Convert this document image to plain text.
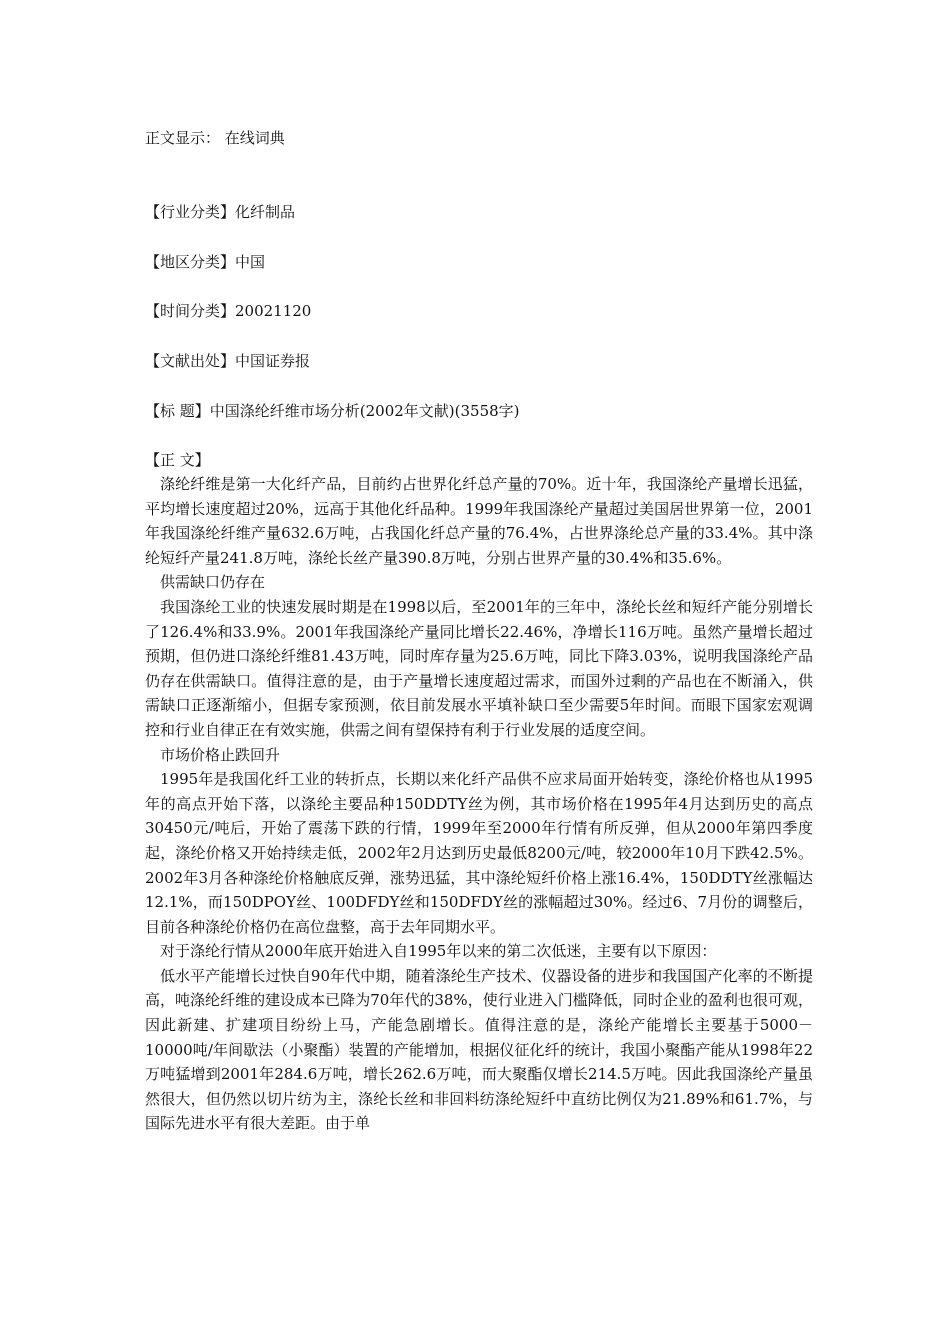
正文显示： 在线词典
【行业分类】化纤制品
【地区分类】中国
【时间分类】20021120
【文献出处】中国证券报
【标 题】中国涤纶纤维市场分析(2002年文献)(3558字)
【正 文】

涤纶纤维是第一大化纤产品，目前约占世界化纤总产量的70%。近十年，我国涤纶产量增长迅猛，平均增长速度超过20%，远高于其他化纤品种。1999年我国涤纶产量超过美国居世界第一位，2001年我国涤纶纤维产量632.6万吨，占我国化纤总产量的76.4%，占世界涤纶总产量的33.4%。其中涤纶短纤产量241.8万吨，涤纶长丝产量390.8万吨，分别占世界产量的30.4%和35.6%。

供需缺口仍存在

我国涤纶工业的快速发展时期是在1998以后，至2001年的三年中，涤纶长丝和短纤产能分别增长了126.4%和33.9%。2001年我国涤纶产量同比增长22.46%，净增长116万吨。虽然产量增长超过预期，但仍进口涤纶纤维81.43万吨，同时库存量为25.6万吨，同比下降3.03%，说明我国涤纶产品仍存在供需缺口。值得注意的是，由于产量增长速度超过需求，而国外过剩的产品也在不断涌入，供需缺口正逐渐缩小，但据专家预测，依目前发展水平填补缺口至少需要5年时间。而眼下国家宏观调控和行业自律正在有效实施，供需之间有望保持有利于行业发展的适度空间。

市场价格止跌回升

1995年是我国化纤工业的转折点，长期以来化纤产品供不应求局面开始转变，涤纶价格也从1995年的高点开始下落，以涤纶主要品种150DDTY丝为例，其市场价格在1995年4月达到历史的高点30450元/吨后，开始了震荡下跌的行情，1999年至2000年行情有所反弹，但从2000年第四季度起，涤纶价格又开始持续走低，2002年2月达到历史最低8200元/吨，较2000年10月下跌42.5%。2002年3月各种涤纶价格触底反弹，涨势迅猛，其中涤纶短纤价格上涨16.4%，150DDTY丝涨幅达12.1%，而150DPOY丝、100DFDY丝和150DFDY丝的涨幅超过30%。经过6、7月份的调整后，目前各种涤纶价格仍在高位盘整，高于去年同期水平。

对于涤纶行情从2000年底开始进入自1995年以来的第二次低迷，主要有以下原因：

低水平产能增长过快自90年代中期，随着涤纶生产技术、仪器设备的进步和我国国产化率的不断提高，吨涤纶纤维的建设成本已降为70年代的38%，使行业进入门槛降低，同时企业的盈利也很可观，因此新建、扩建项目纷纷上马，产能急剧增长。值得注意的是，涤纶产能增长主要基于5000－10000吨/年间歇法（小聚酯）装置的产能增加，根据仪征化纤的统计，我国小聚酯产能从1998年22万吨猛增到2001年284.6万吨，增长262.6万吨，而大聚酯仅增长214.5万吨。因此我国涤纶产量虽然很大，但仍然以切片纺为主，涤纶长丝和非回料纺涤纶短纤中直纺比例仅为21.89%和61.7%，与国际先进水平有很大差距。由于单
